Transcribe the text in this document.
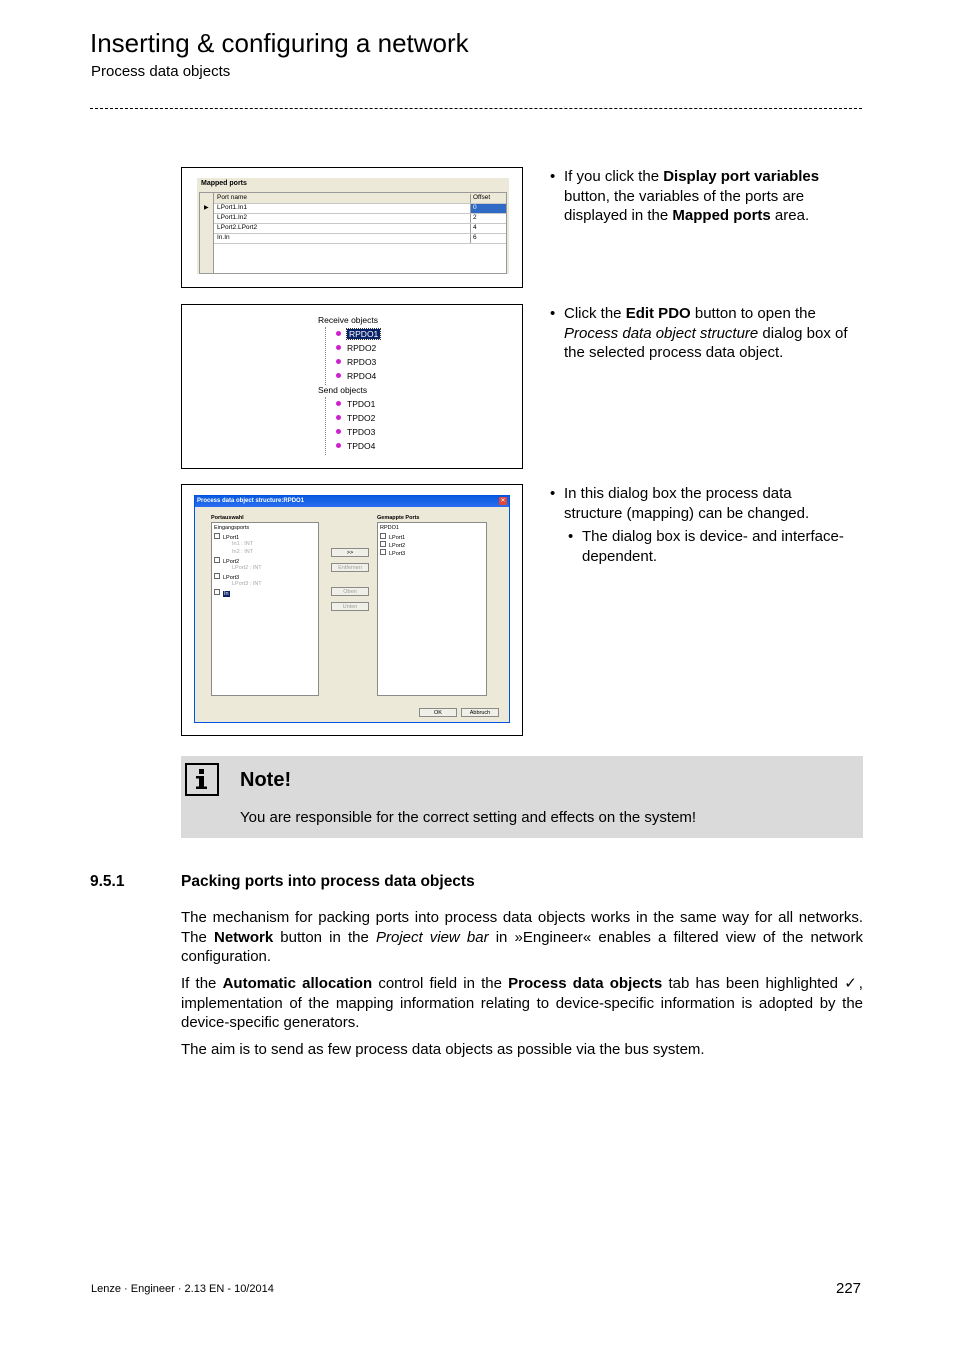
Inserting & configuring a network
Process data objects
Mapped ports
Port name	Offset
▶ LPort1.In1	0
LPort1.In2	2
LPort2.LPort2	4
In.In	6
• If you click the Display port variables button, the variables of the ports are displayed in the Mapped ports area.
Receive objects
RPDO1
RPDO2
RPDO3
RPDO4
Send objects
TPDO1
TPDO2
TPDO3
TPDO4
• Click the Edit PDO button to open the Process data object structure dialog box of the selected process data object.
Process data object structure:RPDO1	✕
Portauswahl	Gemappte Ports
Eingangsports
LPort1
In1 : INT
In2 : INT
LPort2
LPort2 : INT
LPort3
LPort3 : INT
In
>>
Entfernen
Oben
Unten
RPDO1
LPort1
LPort2
LPort3
OK	Abbruch
• In this dialog box the process data structure (mapping) can be changed.
• The dialog box is device- and interface-dependent.
Note!
You are responsible for the correct setting and effects on the system!
9.5.1	Packing ports into process data objects
The mechanism for packing ports into process data objects works in the same way for all networks. The Network button in the Project view bar in »Engineer« enables a filtered view of the network configuration.
If the Automatic allocation control field in the Process data objects tab has been highlighted ✓, implementation of the mapping information relating to device-specific information is adopted by the device-specific generators.
The aim is to send as few process data objects as possible via the bus system.
Lenze · Engineer · 2.13 EN - 10/2014	227
